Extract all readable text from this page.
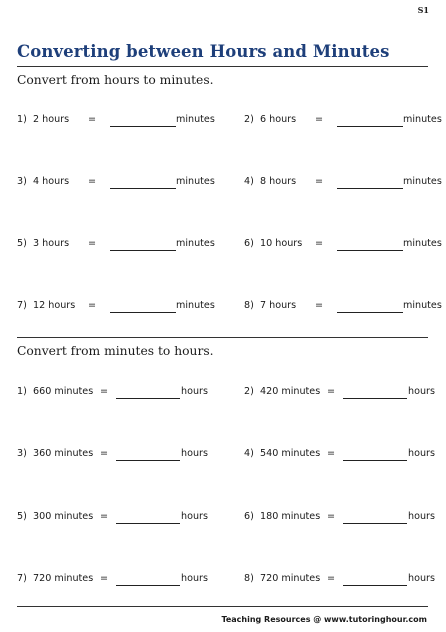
S1
Converting between Hours and Minutes

Convert from hours to minutes.

1) 2 hours =	minutes	2) 6 hours =	minutes
3) 4 hours =	minutes	4) 8 hours =	minutes
5) 3 hours =	minutes	6) 10 hours =	minutes
7) 12 hours =	minutes	8) 7 hours =	minutes

Convert from minutes to hours.

1) 660 minutes =	hours	2) 420 minutes =	hours
3) 360 minutes =	hours	4) 540 minutes =	hours
5) 300 minutes =	hours	6) 180 minutes =	hours
7) 720 minutes =	hours	8) 720 minutes =	hours
Teaching Resources @ www.tutoringhour.com
